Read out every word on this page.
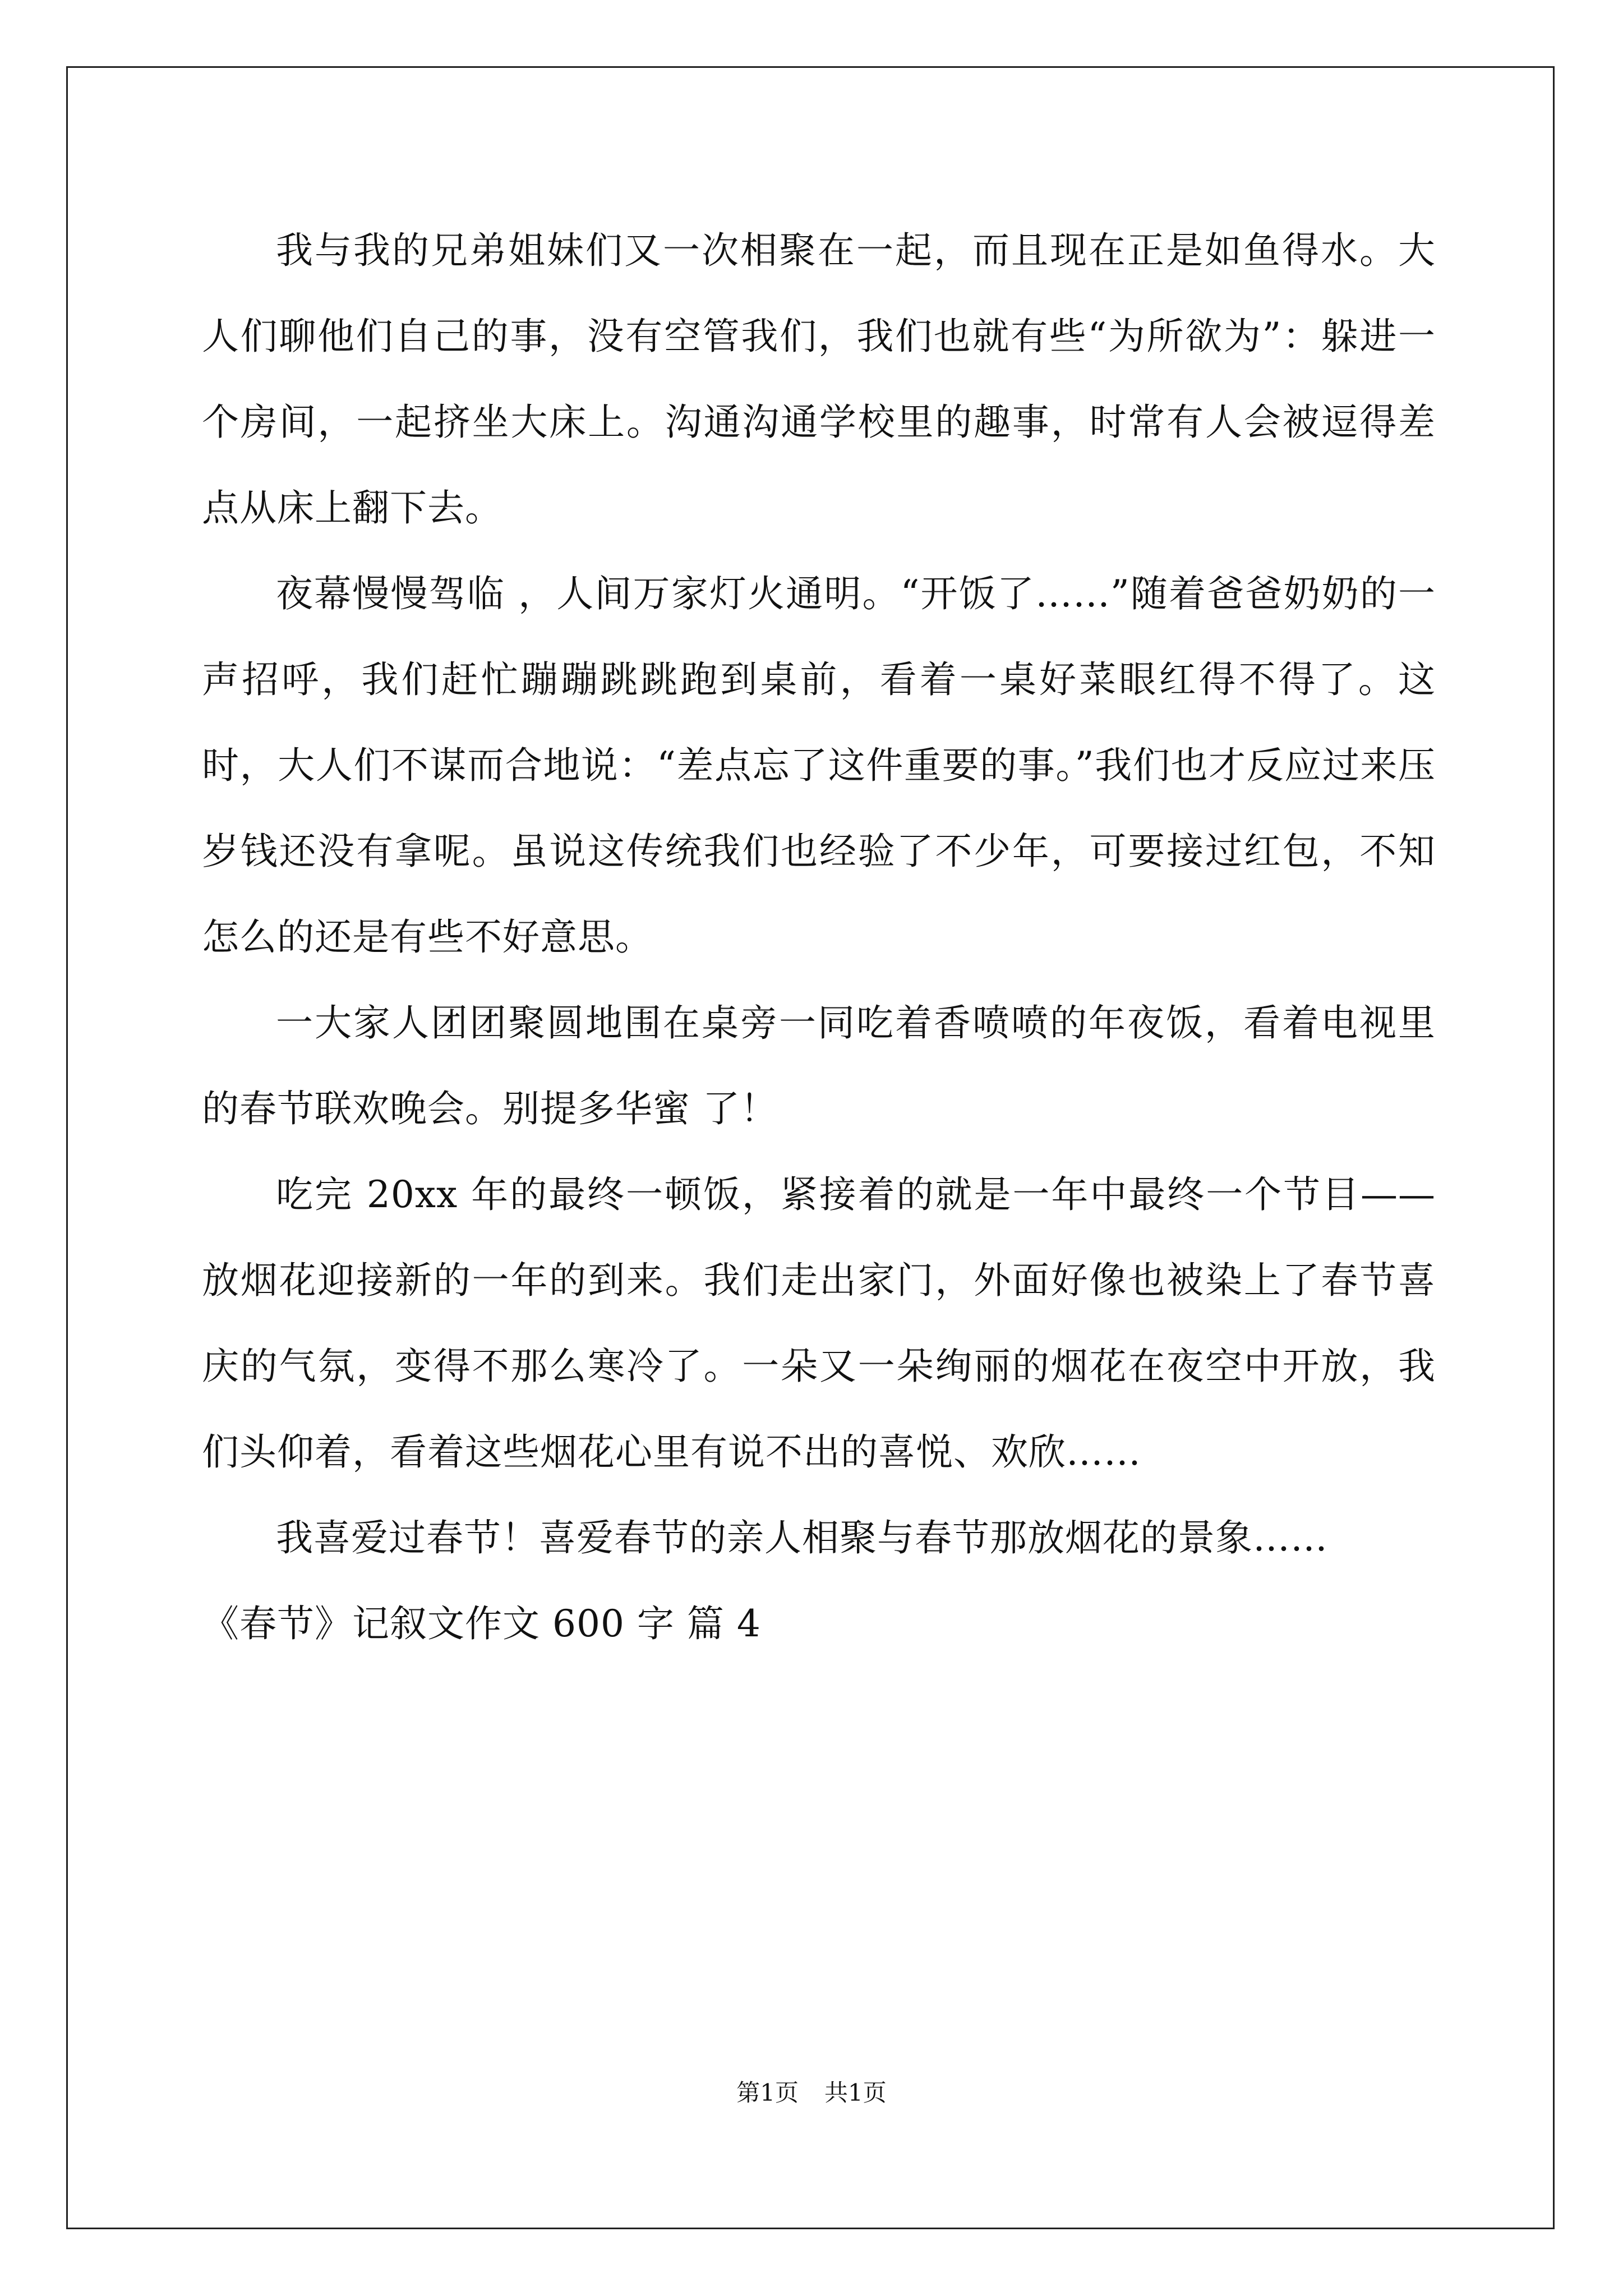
我与我的兄弟姐妹们又一次相聚在一起，而且现在正是如鱼得水。大人们聊他们自己的事，没有空管我们，我们也就有些“为所欲为”：躲进一个房间，一起挤坐大床上。沟通沟通学校里的趣事，时常有人会被逗得差点从床上翻下去。

夜幕慢慢驾临 ，人间万家灯火通明。“开饭了……”随着爸爸奶奶的一声招呼，我们赶忙蹦蹦跳跳跑到桌前，看着一桌好菜眼红得不得了。这时，大人们不谋而合地说：“差点忘了这件重要的事。”我们也才反应过来压岁钱还没有拿呢。虽说这传统我们也经验了不少年，可要接过红包，不知怎么的还是有些不好意思。

一大家人团团聚圆地围在桌旁一同吃着香喷喷的年夜饭，看着电视里的春节联欢晚会。别提多华蜜 了！

吃完 20xx 年的最终一顿饭，紧接着的就是一年中最终一个节目——放烟花迎接新的一年的到来。我们走出家门，外面好像也被染上了春节喜庆的气氛，变得不那么寒冷了。一朵又一朵绚丽的烟花在夜空中开放，我们头仰着，看着这些烟花心里有说不出的喜悦、欢欣……

我喜爱过春节！喜爱春节的亲人相聚与春节那放烟花的景象……

《春节》记叙文作文 600 字 篇 4

第1页 共1页
